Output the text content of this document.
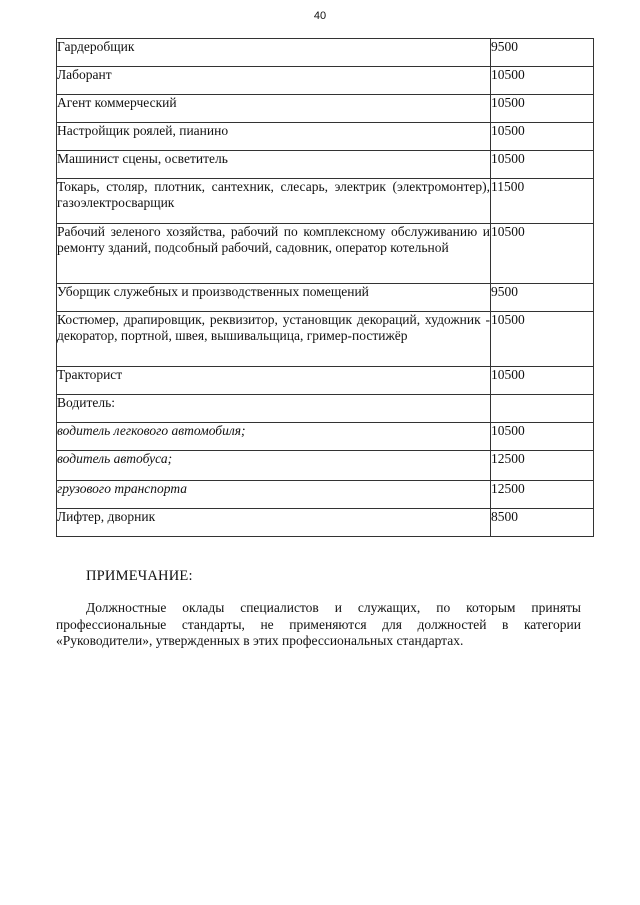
40
Гардеробщик	9500
Лаборант	10500
Агент коммерческий	10500
Настройщик роялей, пианино	10500
Машинист сцены, осветитель	10500
Токарь, столяр, плотник, сантехник, слесарь, электрик (электромонтер), газоэлектросварщик	11500
Рабочий зеленого хозяйства, рабочий по комплексному обслуживанию и ремонту зданий, подсобный рабочий, садовник, оператор котельной	10500
Уборщик служебных и производственных помещений	9500
Костюмер, драпировщик, реквизитор, установщик декораций, художник - декоратор, портной, швея, вышивальщица, гример-постижёр	10500
Тракторист	10500
Водитель:	
водитель легкового автомобиля;	10500
водитель автобуса;	12500
грузового транспорта	12500
Лифтер, дворник	8500
ПРИМЕЧАНИЕ:
Должностные оклады специалистов и служащих, по которым приняты профессиональные стандарты, не применяются для должностей в категории «Руководители», утвержденных в этих профессиональных стандартах.
